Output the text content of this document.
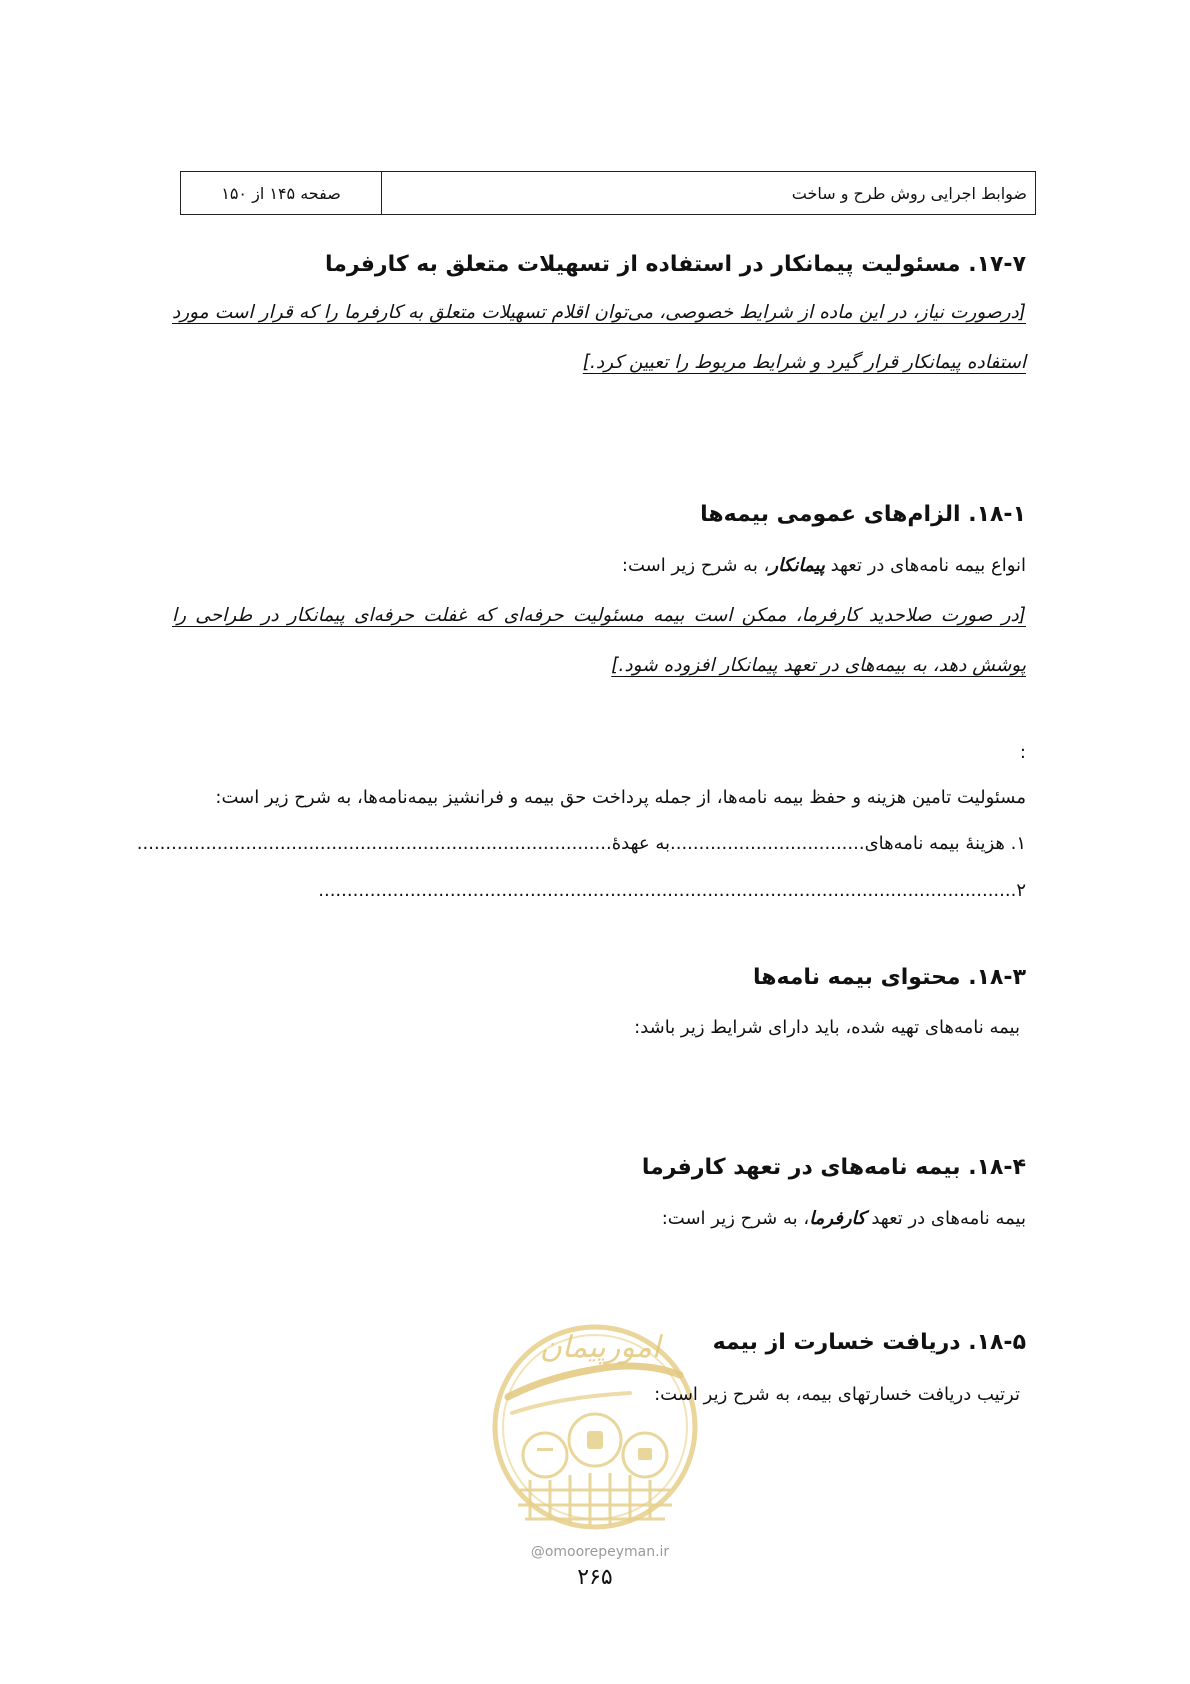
ضوابط اجرایی روش طرح و ساخت
صفحه ۱۴۵ از ۱۵۰
۱۷-۷. مسئولیت پیمانکار در استفاده از تسهیلات متعلق به کارفرما
[درصورت نیاز، در این ماده از شرایط خصوصی، می‌توان اقلام تسهیلات متعلق به کارفرما را که قرار است مورد
استفاده پیمانکار قرار گیرد و شرایط مربوط را تعیین کرد.]
۱۸-۱. الزام‌های عمومی بیمه‌ها
انواع بیمه نامه‌های در تعهد پیمانکار، به شرح زیر است:
[در صورت صلاحدید کارفرما، ممکن است بیمه مسئولیت حرفه‌ای که غفلت حرفه‌ای پیمانکار در طراحی را
پوشش دهد، به بیمه‌های در تعهد پیمانکار افزوده شود.]
:
مسئولیت تامین هزینه و حفظ بیمه نامه‌ها، از جمله پرداخت حق بیمه و فرانشیز بیمه‌نامه‌ها، به شرح زیر است:
۱. هزینهٔ بیمه نامه‌های..................................به عهدهٔ...................................................................................
۲..........................................................................................................................
۱۸-۳. محتوای بیمه نامه‌ها
بیمه نامه‌های تهیه شده، باید دارای شرایط زیر باشد:
۱۸-۴. بیمه نامه‌های در تعهد کارفرما
بیمه نامه‌های در تعهد کارفرما، به شرح زیر است:
امورپیمان
@omoorepeyman.ir
۱۸-۵. دریافت خسارت از بیمه
ترتیب دریافت خسارتهای بیمه، به شرح زیر است:
۲۶۵
